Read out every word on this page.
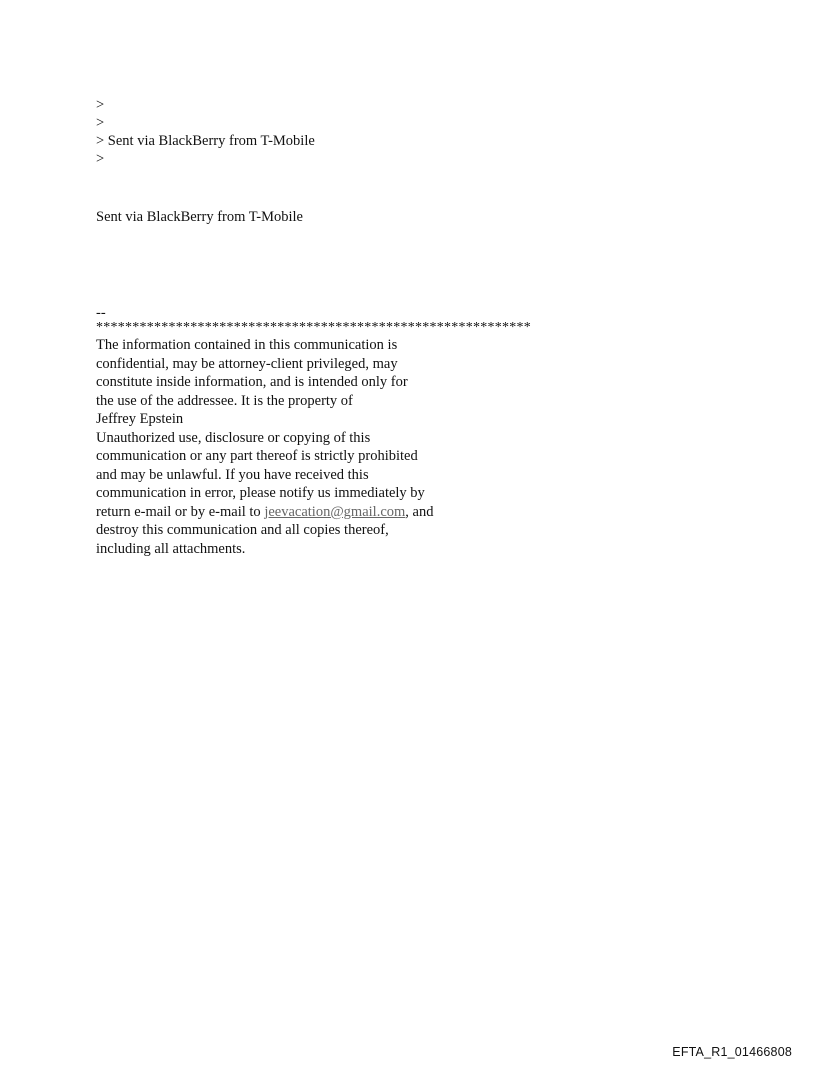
>
>
> Sent via BlackBerry from T-Mobile
>
Sent via BlackBerry from T-Mobile
--
************************************************************
The information contained in this communication is
confidential, may be attorney-client privileged, may
constitute inside information, and is intended only for
the use of the addressee. It is the property of
Jeffrey Epstein
Unauthorized use, disclosure or copying of this
communication or any part thereof is strictly prohibited
and may be unlawful. If you have received this
communication in error, please notify us immediately by
return e-mail or by e-mail to jeevacation@gmail.com, and
destroy this communication and all copies thereof,
including all attachments.
EFTA_R1_01466808
